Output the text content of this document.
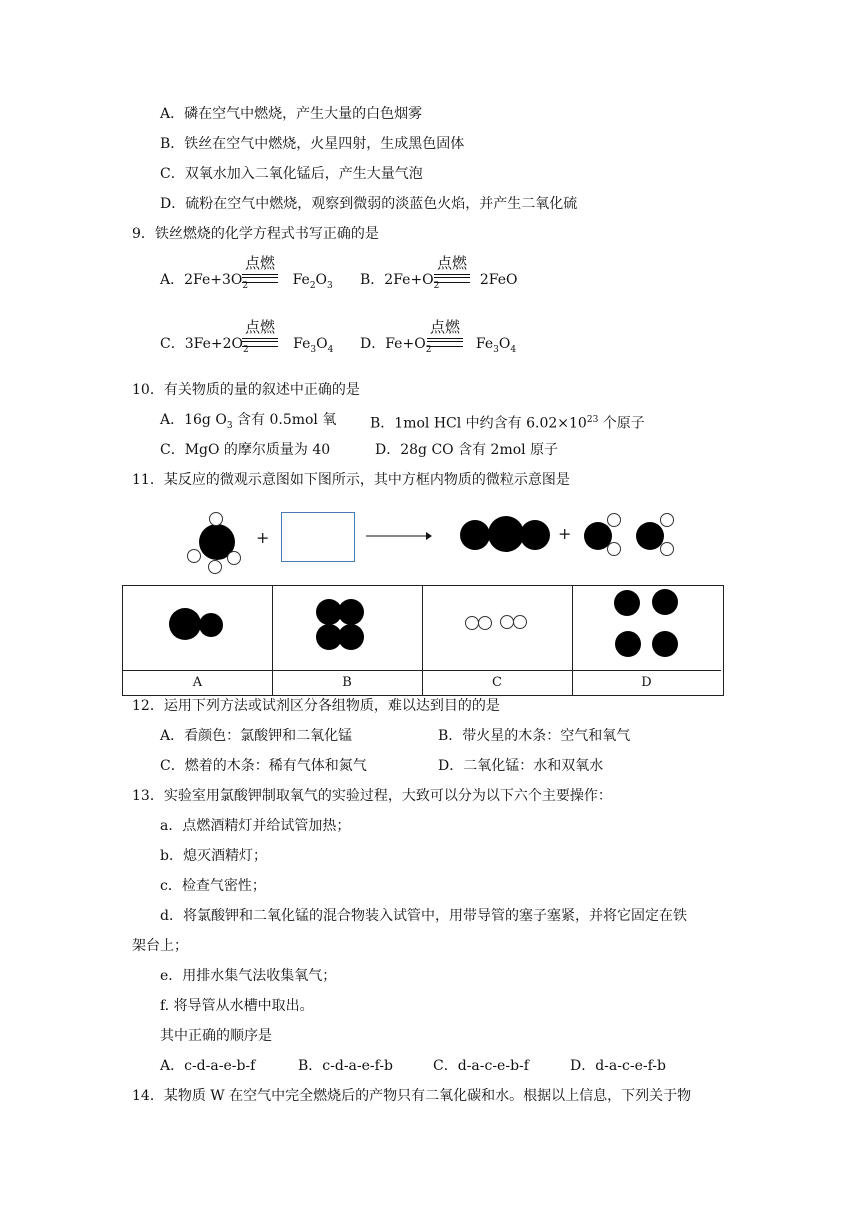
A．磷在空气中燃烧，产生大量的白色烟雾
B．铁丝在空气中燃烧，火星四射，生成黑色固体
C．双氧水加入二氧化锰后，产生大量气泡
D．硫粉在空气中燃烧，观察到微弱的淡蓝色火焰，并产生二氧化硫
9．铁丝燃烧的化学方程式书写正确的是
A．$2Fe+3O_2$	$Fe_2O_3$
点燃
B．$2Fe+O_2$	2FeO
点燃
C．$3Fe+2O_2$	$Fe_3O_4$
点燃
D．$Fe+O_2$	$Fe_3O_4$
点燃
10．有关物质的量的叙述中正确的是
A．16g $O_3$ 含有 0.5mol 氧 B．1mol HCl 中约含有 $6.02\times 10^{23}$ 个原子
C．MgO 的摩尔质量为 40	D．28g CO 含有 2mol 原子
11．某反应的微观示意图如下图所示，其中方框内物质的微粒示意图是
+	+
A	B	C	D
12．运用下列方法或试剂区分各组物质，难以达到目的的是
A．看颜色：氯酸钾和二氧化锰	B．带火星的木条：空气和氧气
C．燃着的木条：稀有气体和氮气	D．二氧化锰：水和双氧水
13．实验室用氯酸钾制取氧气的实验过程，大致可以分为以下六个主要操作：
a．点燃酒精灯并给试管加热；
b．熄灭酒精灯；
c．检查气密性；
d．将氯酸钾和二氧化锰的混合物装入试管中，用带导管的塞子塞紧，并将它固定在铁
架台上；
e．用排水集气法收集氧气；
f. 将导管从水槽中取出。
其中正确的顺序是
A．c-d-a-e-b-f	B．c-d-a-e-f-b	C．d-a-c-e-b-f	D．d-a-c-e-f-b
14．某物质 W 在空气中完全燃烧后的产物只有二氧化碳和水。根据以上信息，下列关于物
